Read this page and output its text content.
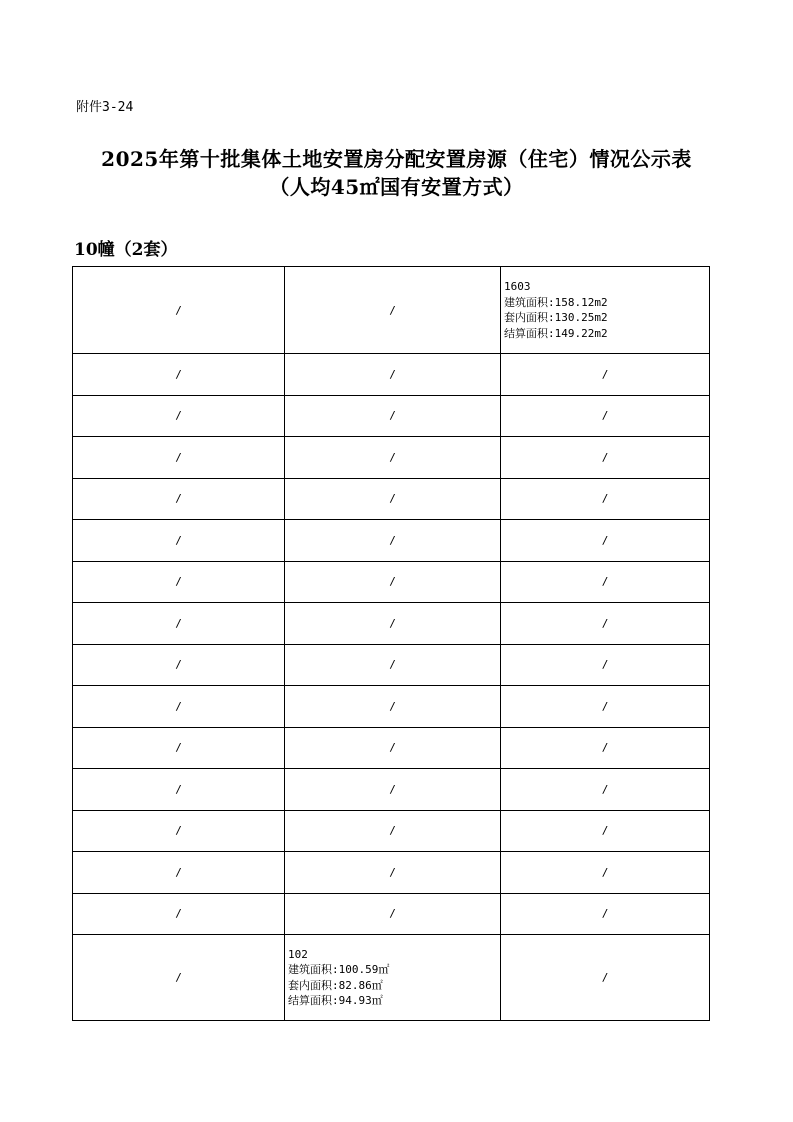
附件3-24
2025年第十批集体土地安置房分配安置房源（住宅）情况公示表
（人均45㎡国有安置方式）
10幢（2套）
/	/	1603
建筑面积:158.12m2
套内面积:130.25m2
结算面积:149.22m2

/	/	/
/	/	/
/	/	/
/	/	/
/	/	/
/	/	/
/	/	/
/	/	/
/	/	/
/	/	/
/	/	/
/	/	/
/	/	/
/	/	/
/	102
建筑面积:100.59㎡
套内面积:82.86㎡
结算面积:94.93㎡	/
